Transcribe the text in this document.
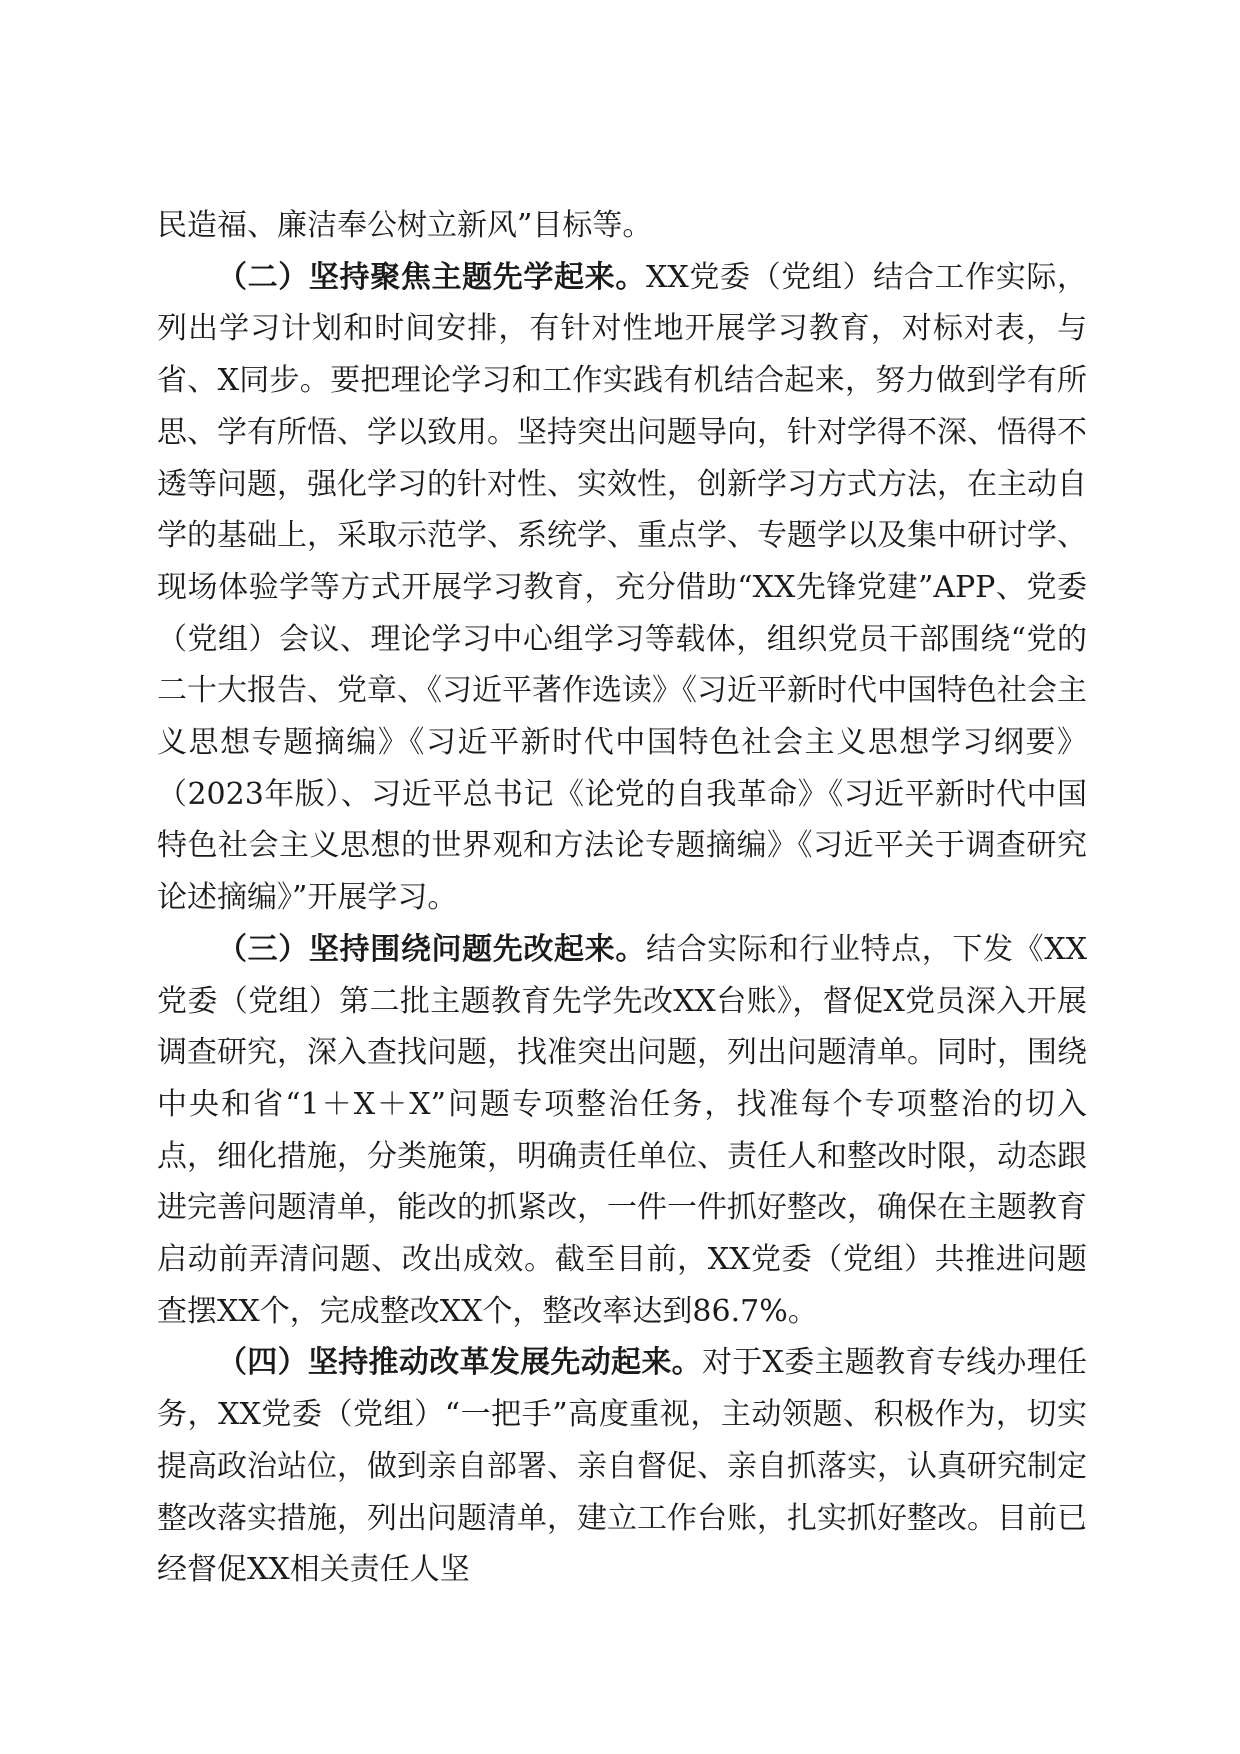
民造福、廉洁奉公树立新风”目标等。

（二）坚持聚焦主题先学起来。XX党委（党组）结合工作实际，列出学习计划和时间安排，有针对性地开展学习教育，对标对表，与省、X同步。要把理论学习和工作实践有机结合起来，努力做到学有所思、学有所悟、学以致用。坚持突出问题导向，针对学得不深、悟得不透等问题，强化学习的针对性、实效性，创新学习方式方法，在主动自学的基础上，采取示范学、系统学、重点学、专题学以及集中研讨学、现场体验学等方式开展学习教育，充分借助“XX先锋党建”APP、党委（党组）会议、理论学习中心组学习等载体，组织党员干部围绕“党的二十大报告、党章、《习近平著作选读》《习近平新时代中国特色社会主义思想专题摘编》《习近平新时代中国特色社会主义思想学习纲要》（2023年版）、习近平总书记《论党的自我革命》《习近平新时代中国特色社会主义思想的世界观和方法论专题摘编》《习近平关于调查研究论述摘编》”开展学习。

（三）坚持围绕问题先改起来。结合实际和行业特点，下发《XX党委（党组）第二批主题教育先学先改XX台账》，督促X党员深入开展调查研究，深入查找问题，找准突出问题，列出问题清单。同时，围绕中央和省“1＋X＋X”问题专项整治任务，找准每个专项整治的切入点，细化措施，分类施策，明确责任单位、责任人和整改时限，动态跟进完善问题清单，能改的抓紧改，一件一件抓好整改，确保在主题教育启动前弄清问题、改出成效。截至目前，XX党委（党组）共推进问题查摆XX个，完成整改XX个，整改率达到86.7%。

（四）坚持推动改革发展先动起来。对于X委主题教育专线办理任务，XX党委（党组）“一把手”高度重视，主动领题、积极作为，切实提高政治站位，做到亲自部署、亲自督促、亲自抓落实，认真研究制定整改落实措施，列出问题清单，建立工作台账，扎实抓好整改。目前已经督促XX相关责任人坚
